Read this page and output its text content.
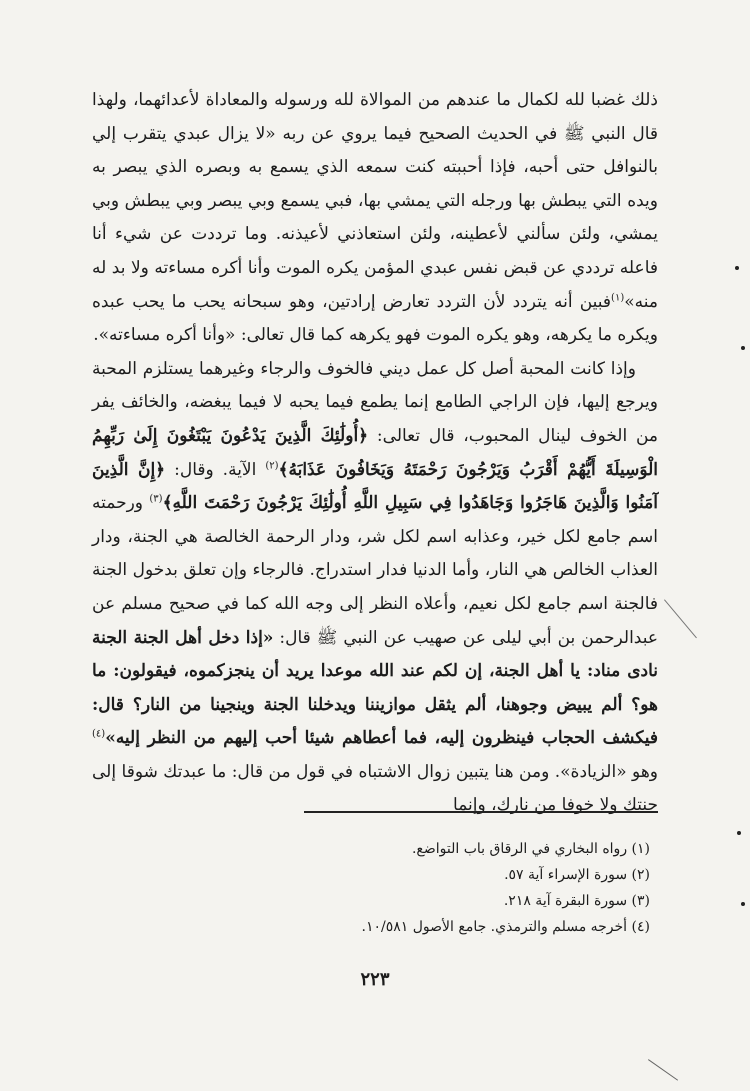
ذلك غضبا لله لكمال ما عندهم من الموالاة لله ورسوله والمعاداة لأعدائهما، ولهذا قال النبي ﷺ في الحديث الصحيح فيما يروي عن ربه «لا يزال عبدي يتقرب إلي بالنوافل حتى أحبه، فإذا أحببته كنت سمعه الذي يسمع به وبصره الذي يبصر به ويده التي يبطش بها ورجله التي يمشي بها، فبي يسمع وبي يبصر وبي يبطش وبي يمشي، ولئن سألني لأعطينه، ولئن استعاذني لأعيذنه. وما ترددت عن شيء أنا فاعله ترددي عن قبض نفس عبدي المؤمن يكره الموت وأنا أكره مساءته ولا بد له منه»$^{(١)}$فبين أنه يتردد لأن التردد تعارض إرادتين، وهو سبحانه يحب ما يحب عبده ويكره ما يكرهه، وهو يكره الموت فهو يكرهه كما قال تعالى: «وأنا أكره مساءته».

وإذا كانت المحبة أصل كل عمل ديني فالخوف والرجاء وغيرهما يستلزم المحبة ويرجع إليها، فإن الراجي الطامع إنما يطمع فيما يحبه لا فيما يبغضه، والخائف يفر من الخوف لينال المحبوب، قال تعالى: ﴿أُولَٰئِكَ الَّذِينَ يَدْعُونَ يَبْتَغُونَ إِلَىٰ رَبِّهِمُ الْوَسِيلَةَ أَيُّهُمْ أَقْرَبُ وَيَرْجُونَ رَحْمَتَهُ وَيَخَافُونَ عَذَابَهُ﴾$^{(٢)}$ الآية. وقال: ﴿إِنَّ الَّذِينَ آمَنُوا وَالَّذِينَ هَاجَرُوا وَجَاهَدُوا فِي سَبِيلِ اللَّهِ أُولَٰئِكَ يَرْجُونَ رَحْمَتَ اللَّهِ﴾$^{(٣)}$ ورحمته اسم جامع لكل خير، وعذابه اسم لكل شر، ودار الرحمة الخالصة هي الجنة، ودار العذاب الخالص هي النار، وأما الدنيا فدار استدراج. فالرجاء وإن تعلق بدخول الجنة فالجنة اسم جامع لكل نعيم، وأعلاه النظر إلى وجه الله كما في صحيح مسلم عن عبدالرحمن بن أبي ليلى عن صهيب عن النبي ﷺ قال: «إذا دخل أهل الجنة الجنة نادى مناد: يا أهل الجنة، إن لكم عند الله موعدا يريد أن ينجزكموه، فيقولون: ما هو؟ ألم يبيض وجوهنا، ألم يثقل موازيننا ويدخلنا الجنة وينجينا من النار؟ قال: فيكشف الحجاب فينظرون إليه، فما أعطاهم شيئا أحب إليهم من النظر إليه»$^{(٤)}$ وهو «الزيادة». ومن هنا يتبين زوال الاشتباه في قول من قال: ما عبدتك شوقا إلى جنتك ولا خوفا من نارك، وإنما

(١) رواه البخاري في الرقاق باب التواضع.
(٢) سورة الإسراء آية ٥٧.
(٣) سورة البقرة آية ٢١٨.
(٤) أخرجه مسلم والترمذي. جامع الأصول ١٠/٥٨١.
٢٢٣
